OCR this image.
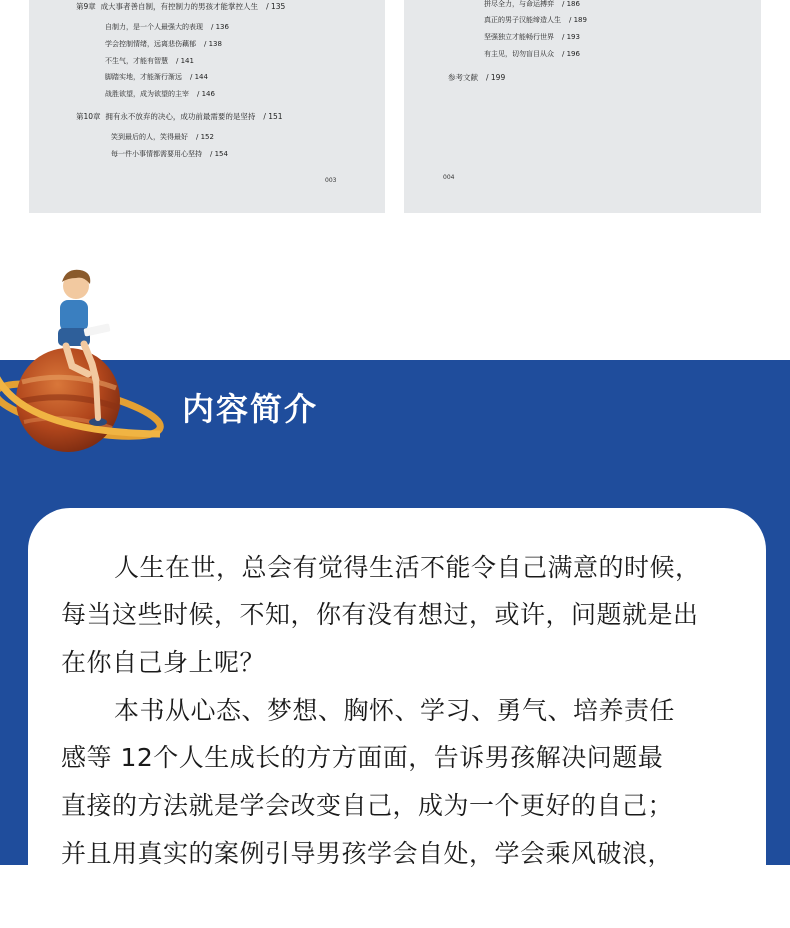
第9章 成大事者善自制，有控制力的男孩才能掌控人生 / 135
自制力，是一个人最强大的表现 / 136
学会控制情绪，远离悲伤藕郁 / 138
不生气，才能有智慧 / 141
脚踏实地，才能渐行渐远 / 144
战胜欲望，成为欲望的主宰 / 146
第10章 拥有永不放弃的决心，成功前最需要的是坚持 / 151
笑到最后的人，笑得最好 / 152
每一件小事情都需要用心坚持 / 154
003
拼尽全力，与命运搏弈 / 186
真正的男子汉能缔造人生 / 189
坚强独立才能畅行世界 / 193
有主见，切勿盲目从众 / 196
参考文献 / 199
004
内容简介
人生在世，总会有觉得生活不能令自己满意的时候，
每当这些时候，不知，你有没有想过，或许，问题就是出
在你自己身上呢？
本书从心态、梦想、胸怀、学习、勇气、培养责任
感等 12个人生成长的方方面面，告诉男孩解决问题最
直接的方法就是学会改变自己，成为一个更好的自己；
并且用真实的案例引导男孩学会自处，学会乘风破浪，
